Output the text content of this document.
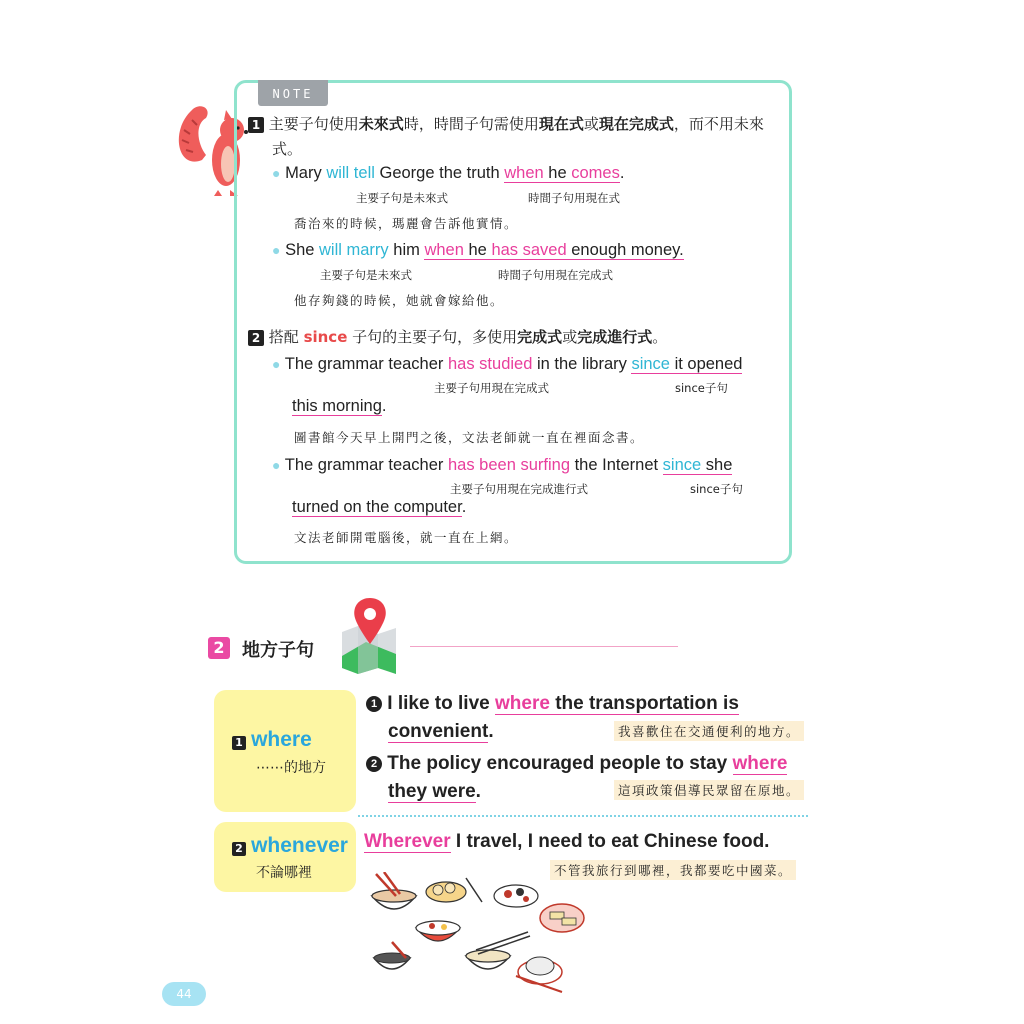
NOTE
1 主要子句使用未來式時，時間子句需使用現在式或現在完成式，而不用未來
式。
● Mary will tell George the truth when he comes.
主要子句是未來式	時間子句用現在式
喬治來的時候，瑪麗會告訴他實情。
● She will marry him when he has saved enough money.
主要子句是未來式	時間子句用現在完成式
他存夠錢的時候，她就會嫁給他。
2 搭配 since 子句的主要子句，多使用完成式或完成進行式。
● The grammar teacher has studied in the library since it opened
主要子句用現在完成式	since子句
this morning.
圖書館今天早上開門之後，文法老師就一直在裡面念書。
● The grammar teacher has been surfing the Internet since she
主要子句用現在完成進行式	since子句
turned on the computer.
文法老師開電腦後，就一直在上網。
2 地方子句
1 where
⋯⋯的地方
1 I like to live where the transportation is
convenient.	我喜歡住在交通便利的地方。
2 The policy encouraged people to stay where
they were.	這項政策倡導民眾留在原地。
2 whenever
不論哪裡
Wherever I travel, I need to eat Chinese food.
不管我旅行到哪裡，我都要吃中國菜。
44
